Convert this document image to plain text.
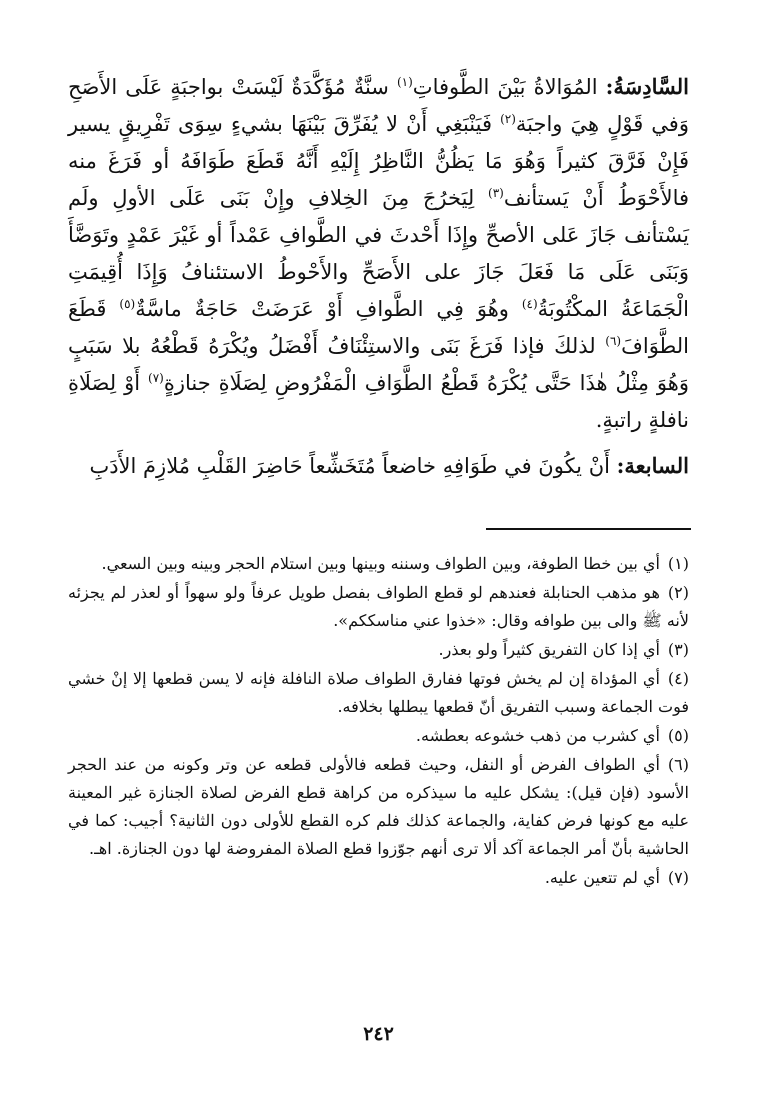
السَّادِسَةُ: المُوَالاةُ بَيْنَ الطَّوفاتِ$^{(١)}$ سنَّةٌ مُؤَكَّدَةٌ لَيْسَتْ بواجبَةٍ عَلَى الأَصَحِ وَفي قَوْلٍ هِيَ واجبَة$^{(٢)}$ فَيَنْبَغِي أَنْ لا يُفَرِّقَ بَيْنَهَا بشيءٍ سِوَى تَفْرِيقٍ يسير فَإِنْ فَرَّقَ كثيراً وَهُوَ مَا يَظُنُّ النَّاظِرُ إِلَيْهِ أَنَّهُ قَطَعَ طَوَافَهُ أو فَرَغَ منه فالأَحْوَطُ أَنْ يَستأنف$^{(٣)}$ لِيَخرُجَ مِنَ الخِلافِ وإِنْ بَنَى عَلَى الأولِ ولَم يَسْتأنف جَازَ عَلى الأصحِّ وإِذَا أَحْدثَ في الطَّوافِ عَمْداً أو غَيْرَ عَمْدٍ وتَوَضَّأَ وَبَنَى عَلَى مَا فَعَلَ جَازَ على الأَصَحِّ والأَحْوطُ الاستئنافُ وَإِذَا أُقِيمَتِ الْجَمَاعَةُ المكْتُوبَةُ$^{(٤)}$ وهُوَ فِي الطَّوافِ أَوْ عَرَضَتْ حَاجَةٌ ماسَّةٌ$^{(٥)}$ قَطَعَ الطَّوَافَ$^{(٦)}$ لذلكَ فإذا فَرَغَ بَنَى والاستِئْنَافُ أَفْضَلُ ويُكْرَهُ قَطْعُهُ بلا سَبَبٍ وَهُوَ مِثْلُ هٰذَا حَتَّى يُكْرَهُ قَطْعُ الطَّوَافِ الْمَفْرُوضِ لِصَلَاةِ جنازةٍ$^{(٧)}$ أَوْ لِصَلَاةِ نافلةٍ راتبةٍ.

السابعة: أَنْ يكُونَ في طَوَافِهِ خاضعاً مُتَخَشِّعاً حَاضِرَ القَلْبِ مُلازِمَ الأَدَبِ

(١)أي بين خطا الطوفة، وبين الطواف وسننه وبينها وبين استلام الحجر وبينه وبين السعي.

(٢)هو مذهب الحنابلة فعندهم لو قطع الطواف بفصل طويل عرفاً ولو سهواً أو لعذر لم يجزئه لأنه ﷺ والى بين طوافه وقال: «خذوا عني مناسككم».

(٣)أي إذا كان التفريق كثيراً ولو بعذر.

(٤)أي المؤداة إن لم يخش فوتها ففارق الطواف صلاة النافلة فإنه لا يسن قطعها إلا إنْ خشي فوت الجماعة وسبب التفريق أنّ قطعها يبطلها بخلافه.

(٥)أي كشرب من ذهب خشوعه بعطشه.

(٦)أي الطواف الفرض أو النفل، وحيث قطعه فالأولى قطعه عن وتر وكونه من عند الحجر الأسود (فإن قيل): يشكل عليه ما سيذكره من كراهة قطع الفرض لصلاة الجنازة غير المعينة عليه مع كونها فرض كفاية، والجماعة كذلك فلم كره القطع للأولى دون الثانية؟ أجيب: كما في الحاشية بأنّ أمر الجماعة آكد ألا ترى أنهم جوّزوا قطع الصلاة المفروضة لها دون الجنازة. اهـ.

(٧)أي لم تتعين عليه.

٢٤٢
